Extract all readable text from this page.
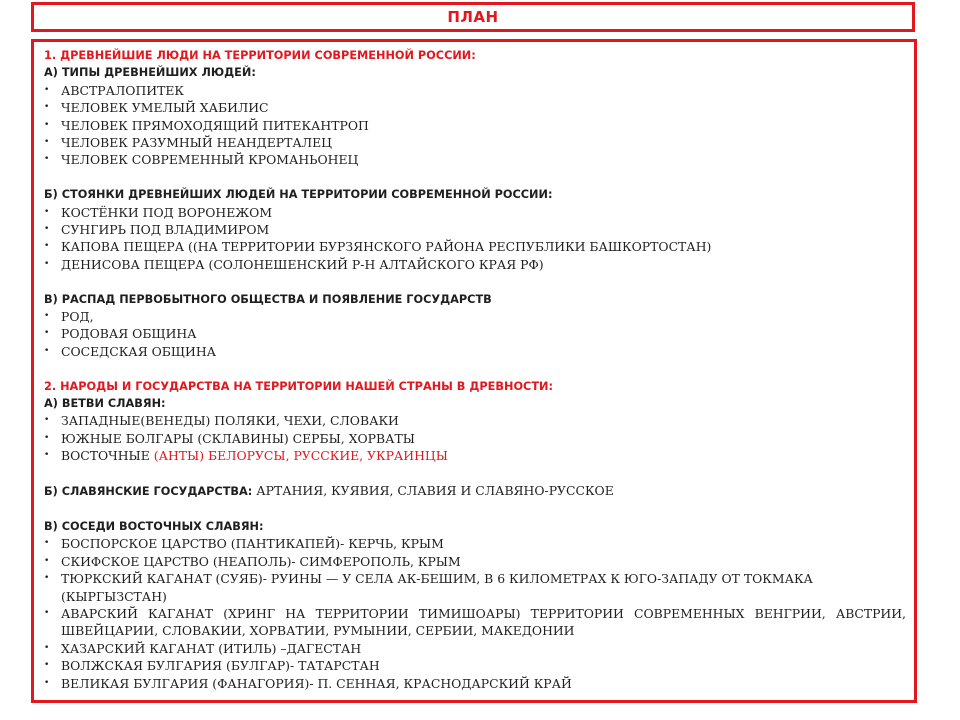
ПЛАН
1. ДРЕВНЕЙШИЕ ЛЮДИ НА ТЕРРИТОРИИ СОВРЕМЕННОЙ РОССИИ:
А) ТИПЫ ДРЕВНЕЙШИХ ЛЮДЕЙ:
• АВСТРАЛОПИТЕК
• ЧЕЛОВЕК УМЕЛЫЙ ХАБИЛИС
• ЧЕЛОВЕК ПРЯМОХОДЯЩИЙ ПИТЕКАНТРОП
• ЧЕЛОВЕК РАЗУМНЫЙ НЕАНДЕРТАЛЕЦ
• ЧЕЛОВЕК СОВРЕМЕННЫЙ КРОМАНЬОНЕЦ
Б) СТОЯНКИ ДРЕВНЕЙШИХ ЛЮДЕЙ НА ТЕРРИТОРИИ СОВРЕМЕННОЙ РОССИИ:
• КОСТЁНКИ ПОД ВОРОНЕЖОМ
• СУНГИРЬ ПОД ВЛАДИМИРОМ
• КАПОВА ПЕЩЕРА ((НА ТЕРРИТОРИИ БУРЗЯНСКОГО РАЙОНА РЕСПУБЛИКИ БАШКОРТОСТАН)
• ДЕНИСОВА ПЕЩЕРА (СОЛОНЕШЕНСКИЙ Р-Н АЛТАЙСКОГО КРАЯ РФ)
В) РАСПАД ПЕРВОБЫТНОГО ОБЩЕСТВА И ПОЯВЛЕНИЕ ГОСУДАРСТВ
• РОД,
• РОДОВАЯ ОБЩИНА
• СОСЕДСКАЯ ОБЩИНА
2. НАРОДЫ И ГОСУДАРСТВА НА ТЕРРИТОРИИ НАШЕЙ СТРАНЫ В ДРЕВНОСТИ:
А) ВЕТВИ СЛАВЯН:
• ЗАПАДНЫЕ(ВЕНЕДЫ) ПОЛЯКИ, ЧЕХИ, СЛОВАКИ
• ЮЖНЫЕ БОЛГАРЫ (СКЛАВИНЫ) СЕРБЫ, ХОРВАТЫ
• ВОСТОЧНЫЕ (АНТЫ) БЕЛОРУСЫ, РУССКИЕ, УКРАИНЦЫ
Б) СЛАВЯНСКИЕ ГОСУДАРСТВА: АРТАНИЯ, КУЯВИЯ, СЛАВИЯ И СЛАВЯНО-РУССКОЕ
В) СОСЕДИ ВОСТОЧНЫХ СЛАВЯН:
• БОСПОРСКОЕ ЦАРСТВО (ПАНТИКАПЕЙ)- КЕРЧЬ, КРЫМ
• СКИФСКОЕ ЦАРСТВО (НЕАПОЛЬ)- СИМФЕРОПОЛЬ, КРЫМ
• ТЮРКСКИЙ КАГАНАТ (СУЯБ)- РУИНЫ — У СЕЛА АК-БЕШИМ, В 6 КИЛОМЕТРАХ К ЮГО-ЗАПАДУ ОТ ТОКМАКА (КЫРГЫЗСТАН)
• АВАРСКИЙ КАГАНАТ (ХРИНГ НА ТЕРРИТОРИИ ТИМИШОАРЫ) ТЕРРИТОРИИ СОВРЕМЕННЫХ ВЕНГРИИ, АВСТРИИ, ШВЕЙЦАРИИ, СЛОВАКИИ, ХОРВАТИИ, РУМЫНИИ, СЕРБИИ, МАКЕДОНИИ
• ХАЗАРСКИЙ КАГАНАТ (ИТИЛЬ) –ДАГЕСТАН
• ВОЛЖСКАЯ БУЛГАРИЯ (БУЛГАР)- ТАТАРСТАН
• ВЕЛИКАЯ БУЛГАРИЯ (ФАНАГОРИЯ)- П. СЕННАЯ, КРАСНОДАРСКИЙ КРАЙ
